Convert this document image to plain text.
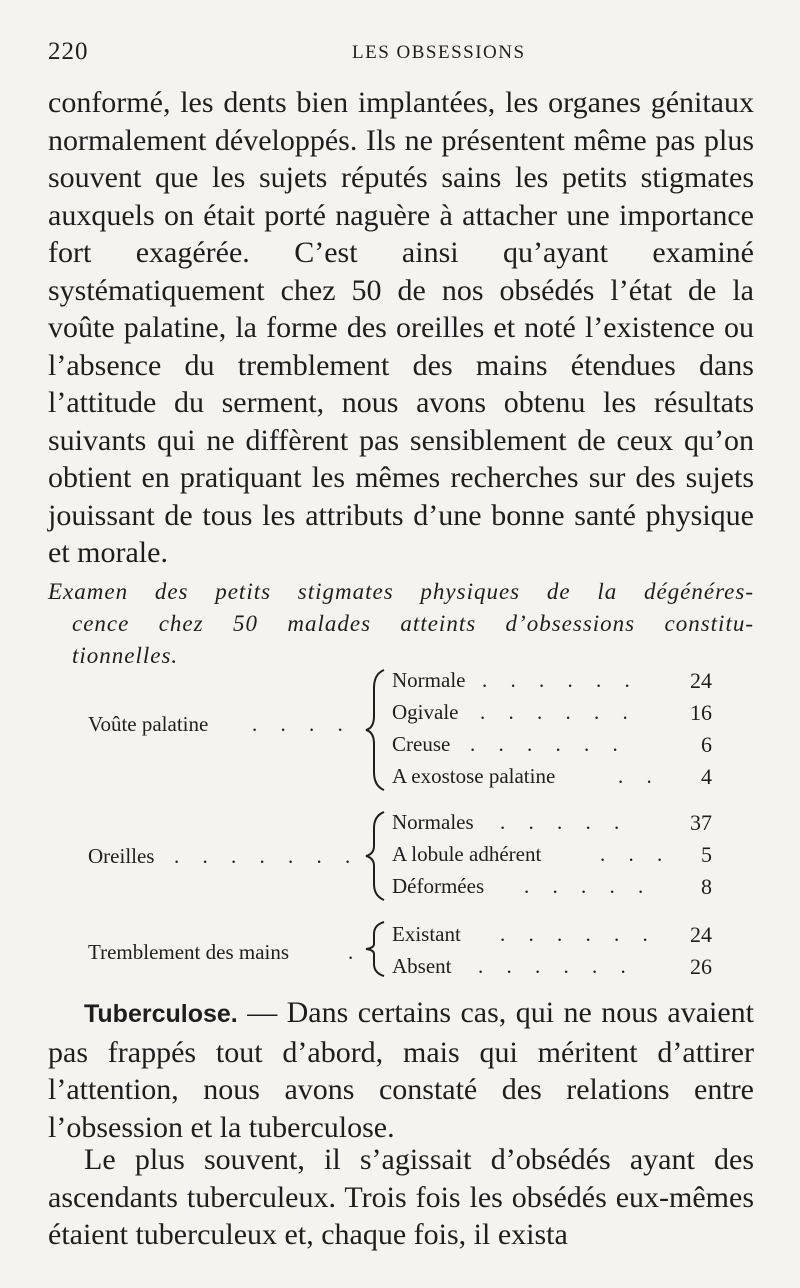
220	LES OBSESSIONS

conformé, les dents bien implantées, les organes génitaux normalement développés. Ils ne présentent même pas plus souvent que les sujets réputés sains les petits stigmates auxquels on était porté naguère à attacher une importance fort exagérée. C’est ainsi qu’ayant examiné systématiquement chez 50 de nos obsédés l’état de la voûte palatine, la forme des oreilles et noté l’existence ou l’absence du tremblement des mains étendues dans l’attitude du serment, nous avons obtenu les résultats suivants qui ne diffèrent pas sensiblement de ceux qu’on obtient en pratiquant les mêmes recherches sur des sujets jouissant de tous les attributs d’une bonne santé physique et morale.

Examen des petits stigmates physiques de la dégénéres-
cence chez 50 malades atteints d’obsessions constitu-
tionnelles.
Voûte palatine . . . .
Normale . . . . . .	24
Ogivale . . . . . .	16
Creuse . . . . . .	6
A exostose palatine	. .	4
Oreilles . . . . . . .
Normales . . . . .	37
A lobule adhérent	. . .	5
Déformées . . . . .	8
Tremblement des mains	.
Existant . . . . . .	24
Absent . . . . . .	26

Tuberculose. — Dans certains cas, qui ne nous avaient pas frappés tout d’abord, mais qui méritent d’attirer l’attention, nous avons constaté des relations entre l’obsession et la tuberculose.

Le plus souvent, il s’agissait d’obsédés ayant des ascendants tuberculeux. Trois fois les obsédés eux-mêmes étaient tuberculeux et, chaque fois, il exista
